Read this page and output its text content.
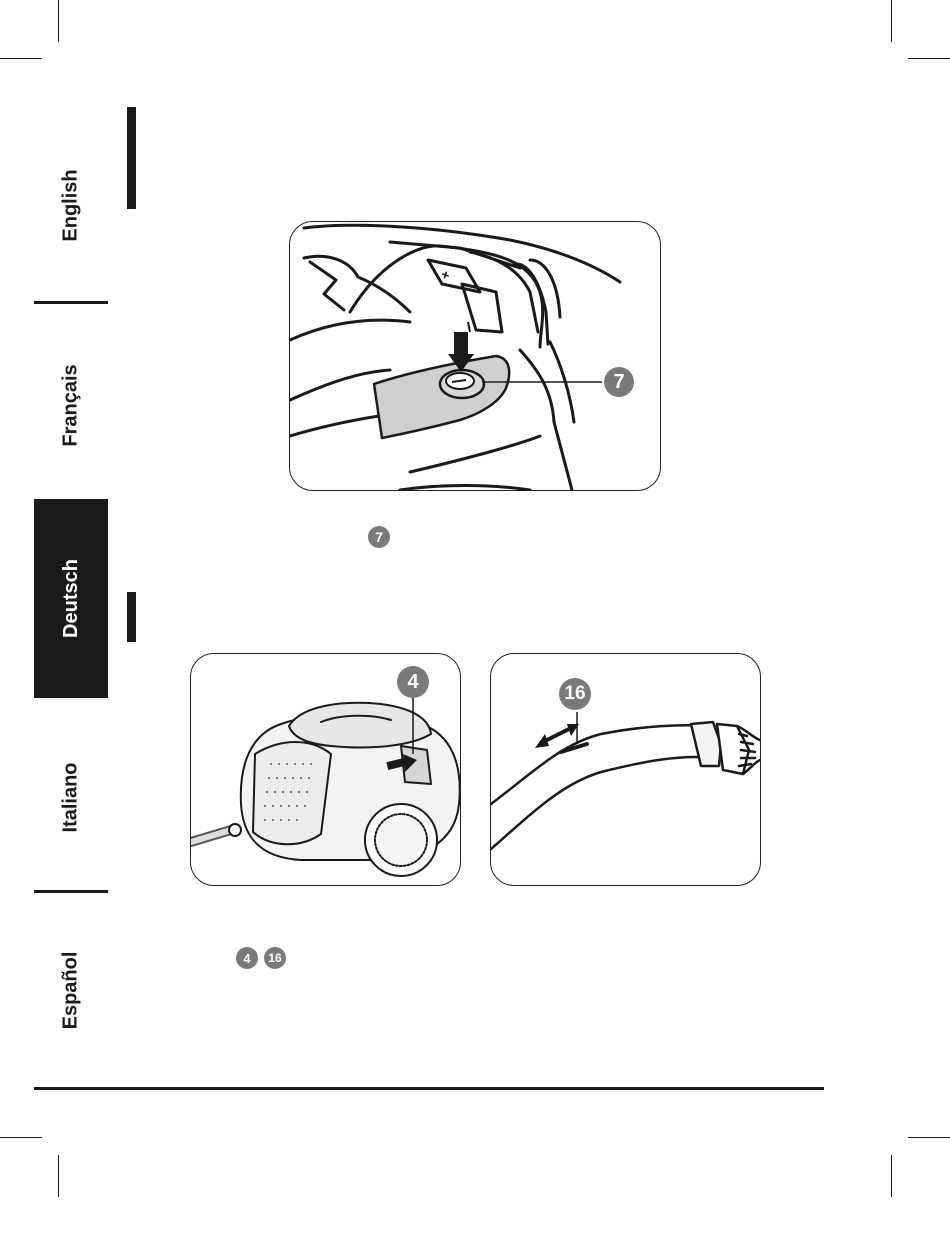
English
Français
Deutsch
Italiano
Español
+
7
7
4
16
4	16
